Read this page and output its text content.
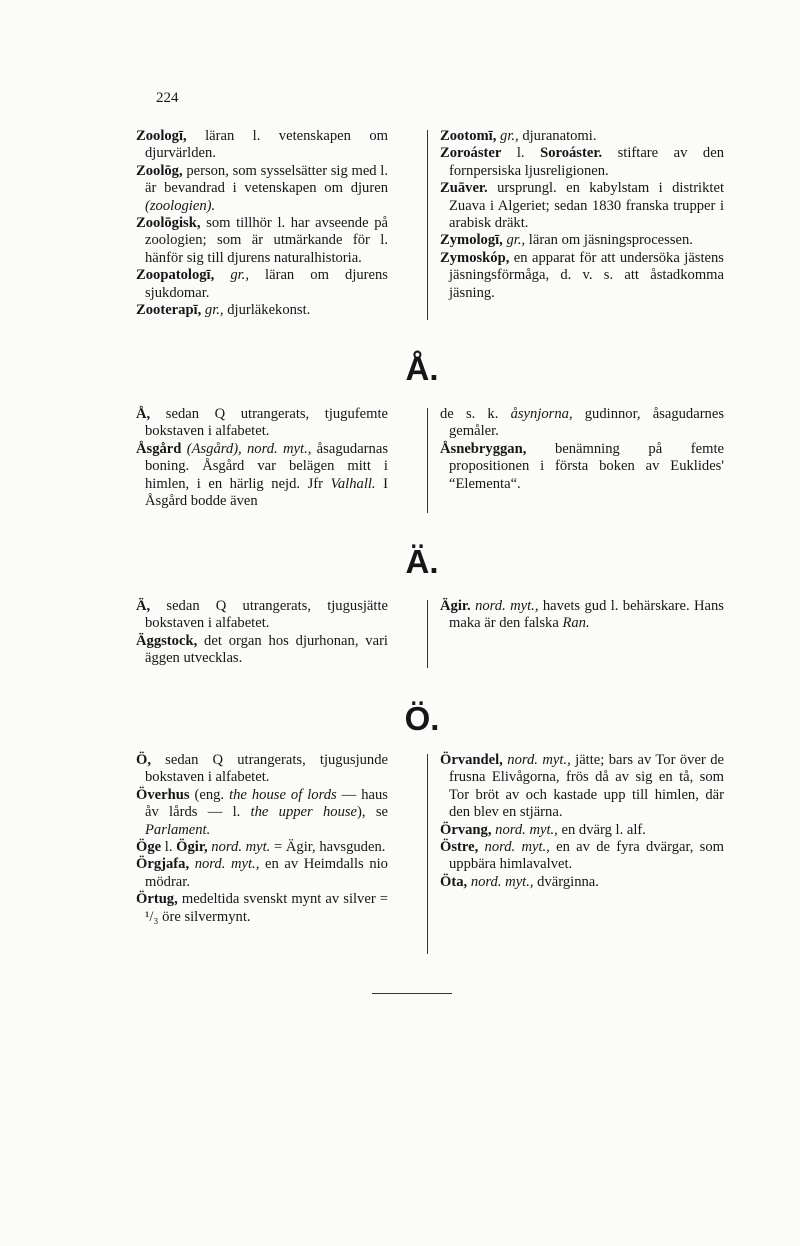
224

Zoologī, läran l. vetenskapen om djurvärlden.

Zoolōg, person, som sysselsätter sig med l. är bevandrad i vetenskapen om djuren (zoologien).

Zoolōgisk, som tillhör l. har avseende på zoologien; som är utmärkande för l. hänför sig till djurens naturalhistoria.

Zoopatologī, gr., läran om djurens sjukdomar.

Zooterapī, gr., djurläkekonst.

Zootomī, gr., djuranatomi.

Zoroáster l. Soroáster. stiftare av den fornpersiska ljusreligionen.

Zuāver. ursprungl. en kabylstam i distriktet Zuava i Algeriet; sedan 1830 franska trupper i arabisk dräkt.

Zymologī, gr., läran om jäsningsprocessen.

Zymoskóp, en apparat för att undersöka jästens jäsningsförmåga, d. v. s. att åstadkomma jäsning.

Å.

Å, sedan Q utrangerats, tjugufemte bokstaven i alfabetet.

Åsgård (Asgård), nord. myt., åsagudarnas boning. Åsgård var belägen mitt i himlen, i en härlig nejd. Jfr Valhall. I Åsgård bodde även

de s. k. åsynjorna, gudinnor, åsagudarnes gemåler.

Åsnebryggan, benämning på femte propositionen i första boken av Euklides' “Elementa“.

Ä.

Ä, sedan Q utrangerats, tjugusjätte bokstaven i alfabetet.

Äggstock, det organ hos djurhonan, vari äggen utvecklas.

Ägir. nord. myt., havets gud l. behärskare. Hans maka är den falska Ran.

Ö.

Ö, sedan Q utrangerats, tjugusjunde bokstaven i alfabetet.

Överhus (eng. the house of lords — haus åv lårds — l. the upper house), se Parlament.

Öge l. Ögir, nord. myt. = Ägir, havsguden.

Örgjafa, nord. myt., en av Heimdalls nio mödrar.

Örtug, medeltida svenskt mynt av silver = ¹/₃ öre silvermynt.

Örvandel, nord. myt., jätte; bars av Tor över de frusna Elivågorna, frös då av sig en tå, som Tor bröt av och kastade upp till himlen, där den blev en stjärna.

Örvang, nord. myt., en dvärg l. alf.

Östre, nord. myt., en av de fyra dvärgar, som uppbära himlavalvet.

Öta, nord. myt., dvärginna.
